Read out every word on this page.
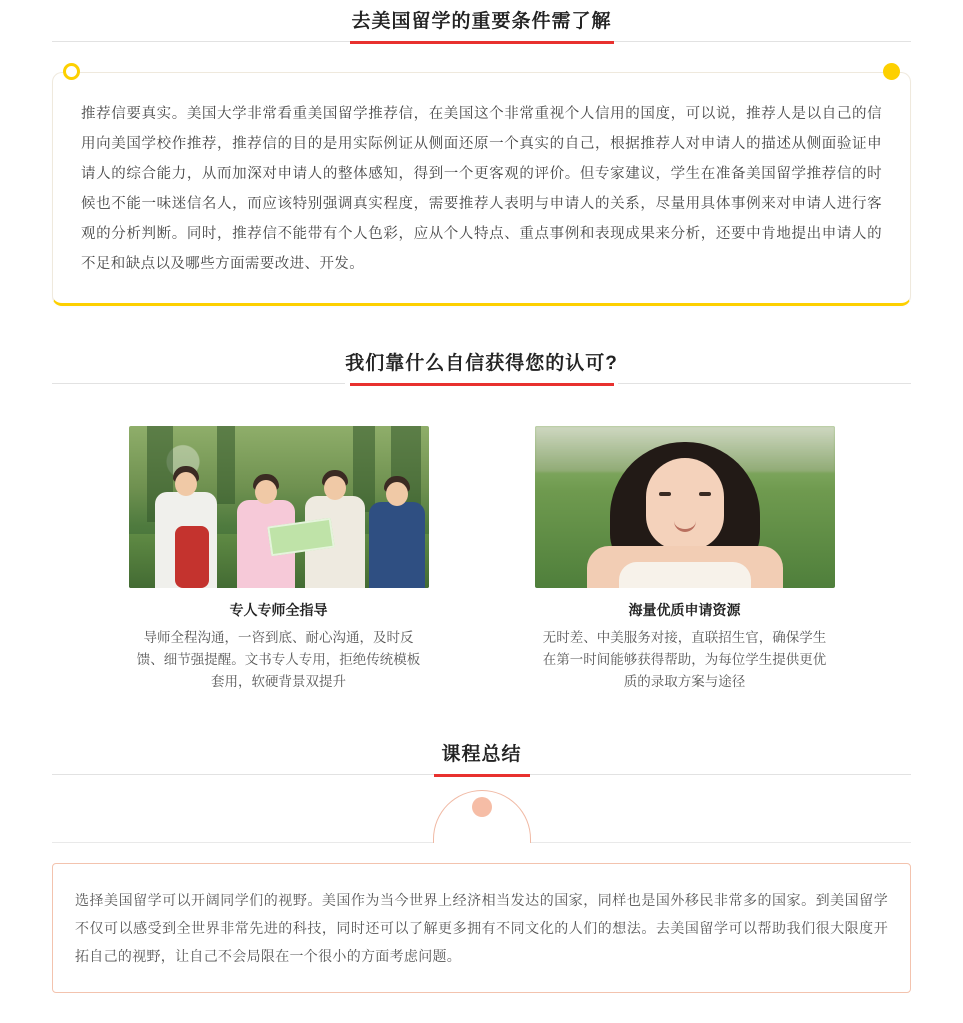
去美国留学的重要条件需了解

推荐信要真实。美国大学非常看重美国留学推荐信，在美国这个非常重视个人信用的国度，可以说，推荐人是以自己的信用向美国学校作推荐，推荐信的目的是用实际例证从侧面还原一个真实的自己，根据推荐人对申请人的描述从侧面验证申请人的综合能力，从而加深对申请人的整体感知，得到一个更客观的评价。但专家建议，学生在准备美国留学推荐信的时候也不能一味迷信名人，而应该特别强调真实程度，需要推荐人表明与申请人的关系，尽量用具体事例来对申请人进行客观的分析判断。同时，推荐信不能带有个人色彩，应从个人特点、重点事例和表现成果来分析，还要中肯地提出申请人的不足和缺点以及哪些方面需要改进、开发。

我们靠什么自信获得您的认可?
专人专师全指导
导师全程沟通，一咨到底、耐心沟通，及时反馈、细节强提醒。文书专人专用，拒绝传统模板套用，软硬背景双提升
海量优质申请资源
无时差、中美服务对接，直联招生官，确保学生在第一时间能够获得帮助，为每位学生提供更优质的录取方案与途径
课程总结

选择美国留学可以开阔同学们的视野。美国作为当今世界上经济相当发达的国家，同样也是国外移民非常多的国家。到美国留学不仅可以感受到全世界非常先进的科技，同时还可以了解更多拥有不同文化的人们的想法。去美国留学可以帮助我们很大限度开拓自己的视野，让自己不会局限在一个很小的方面考虑问题。
